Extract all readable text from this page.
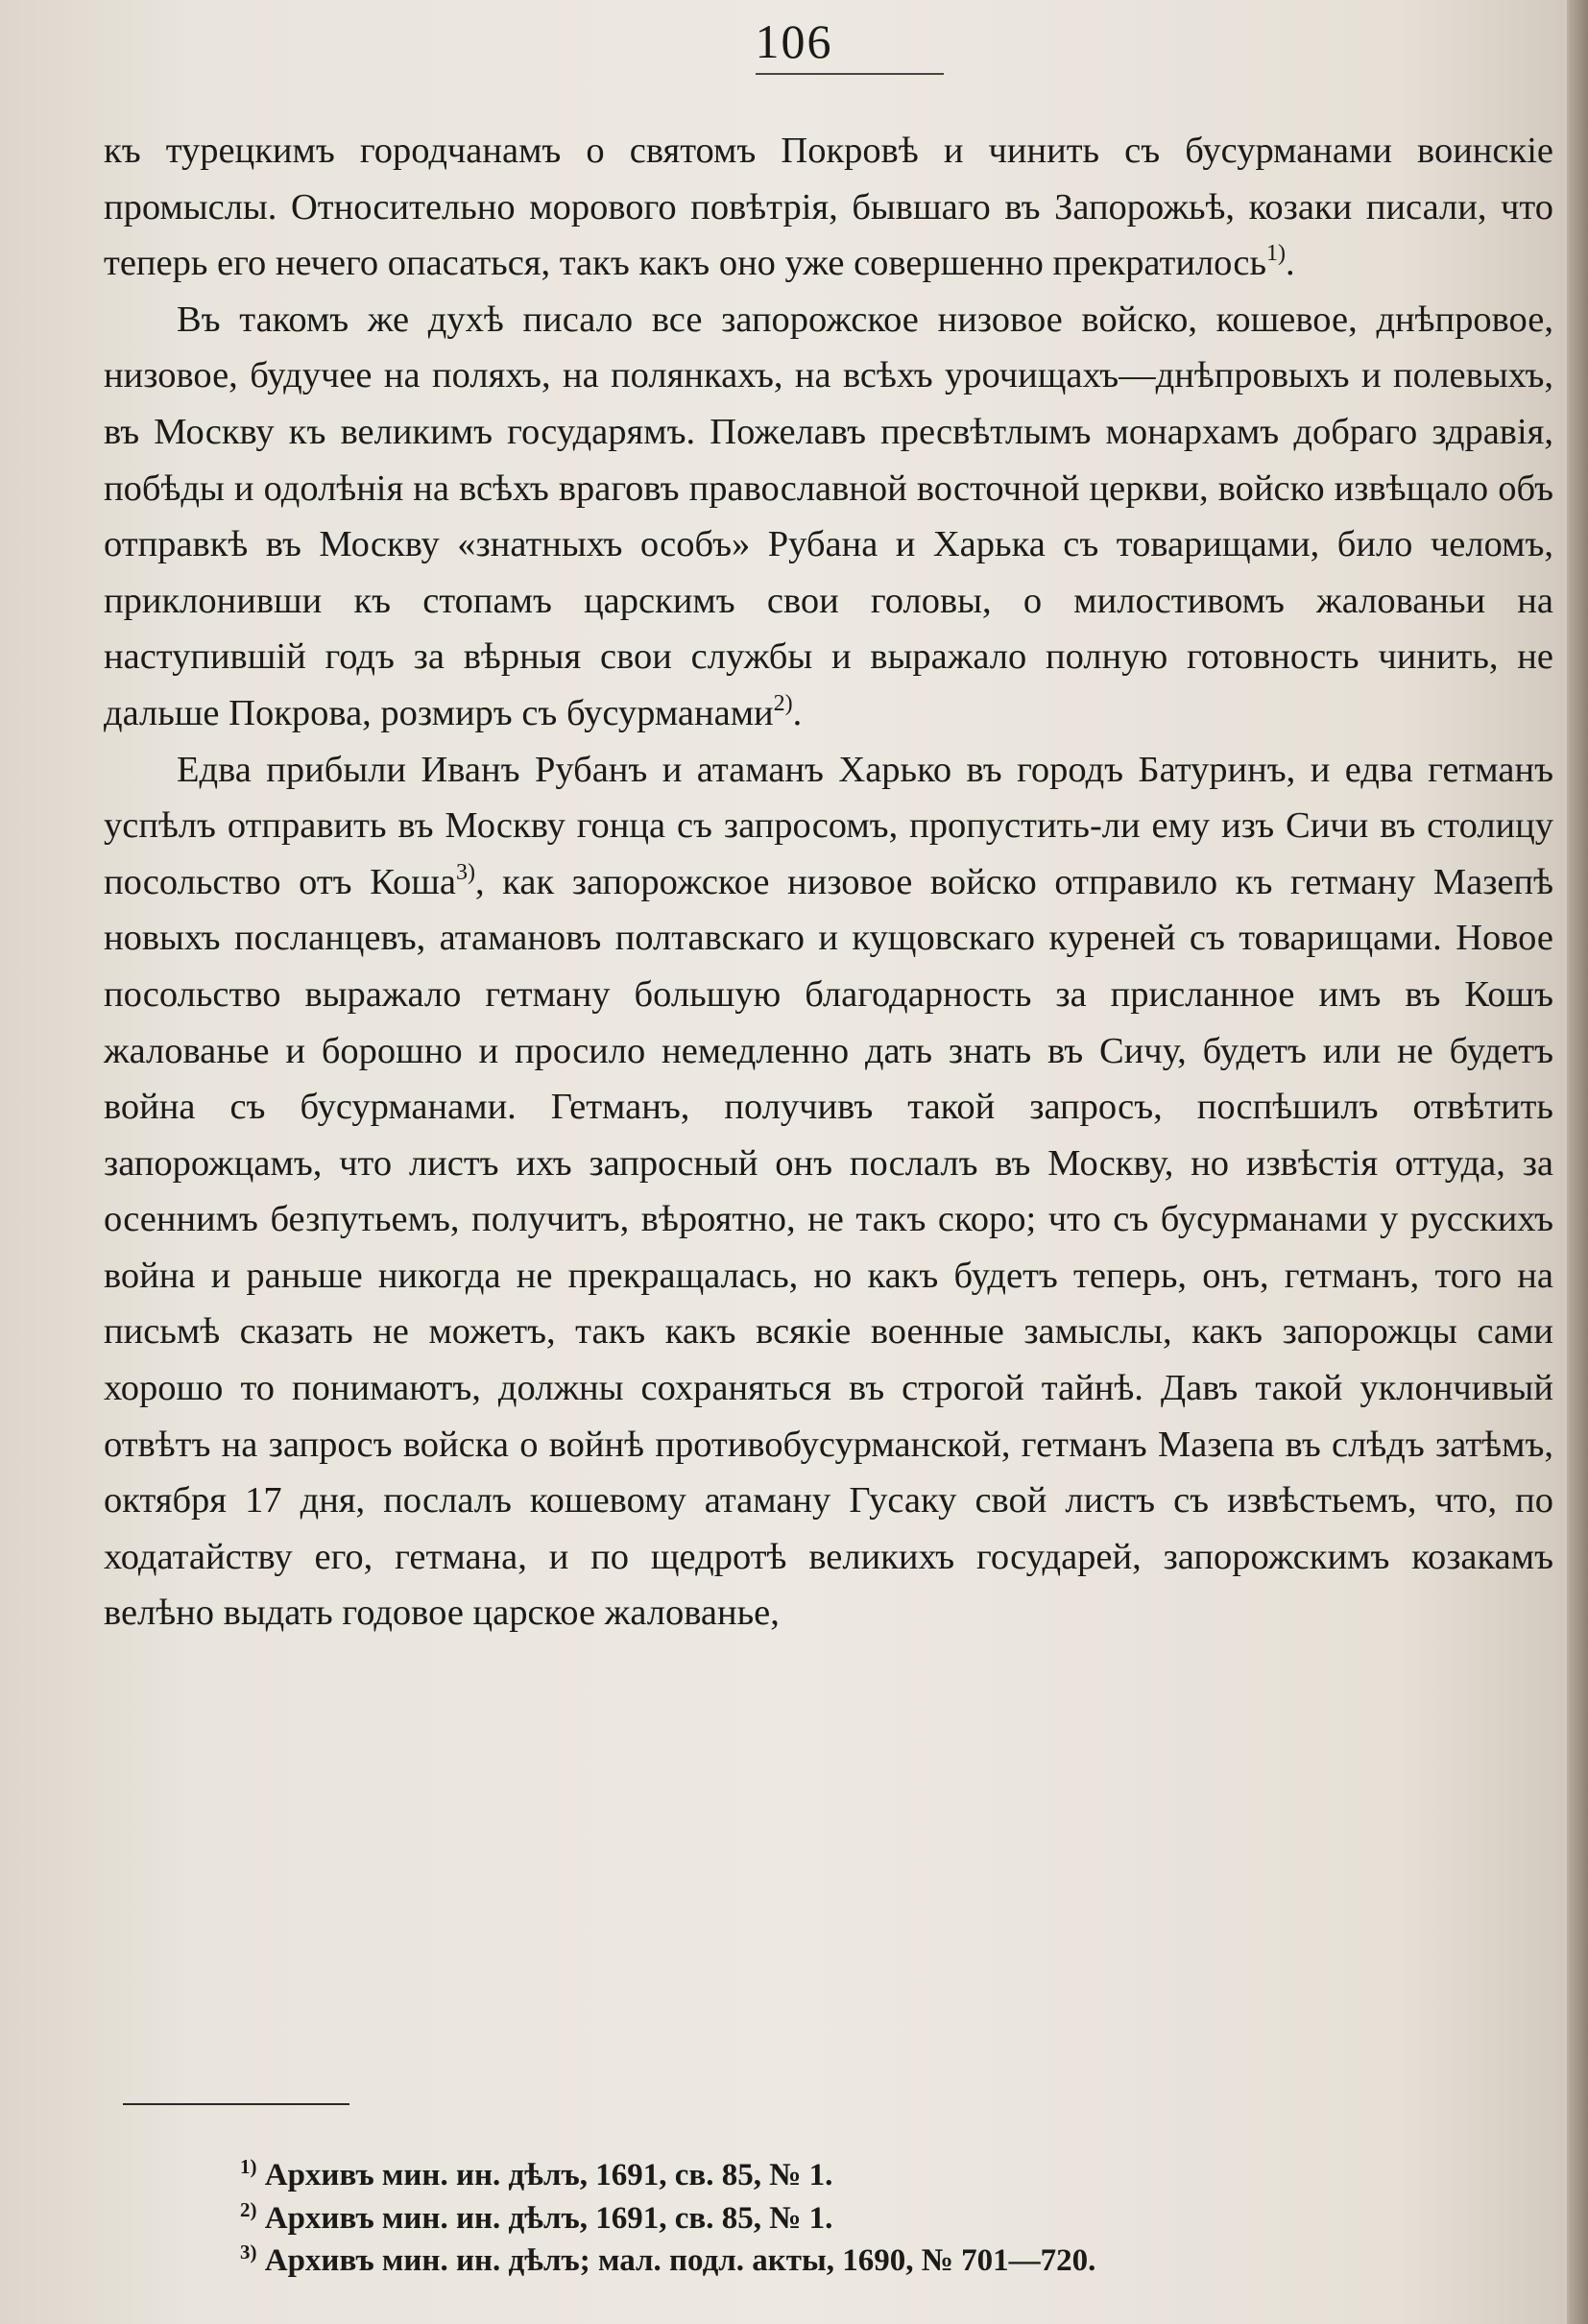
106

къ турецкимъ городчанамъ о святомъ Покровѣ и чинить съ бусурманами воинскіе промыслы. Относительно морового повѣтрія, бывшаго въ Запорожьѣ, козаки писали, что теперь его нечего опасаться, такъ какъ оно уже совершенно прекратилось$^{1)}$.

Въ такомъ же духѣ писало все запорожское низовое войско, кошевое, днѣпровое, низовое, будучее на поляхъ, на полянкахъ, на всѣхъ урочищахъ—днѣпровыхъ и полевыхъ, въ Москву къ великимъ государямъ. Пожелавъ пресвѣтлымъ монархамъ добраго здравія, побѣды и одолѣнія на всѣхъ враговъ православной восточной церкви, войско извѣщало объ отправкѣ въ Москву «знатныхъ особъ» Рубана и Харька съ товарищами, било челомъ, приклонивши къ стопамъ царскимъ свои головы, о милостивомъ жалованьи на наступившій годъ за вѣрныя свои службы и выражало полную готовность чинить, не дальше Покрова, розмиръ съ бусурманами$^{2)}$.

Едва прибыли Иванъ Рубанъ и атаманъ Харько въ городъ Батуринъ, и едва гетманъ успѣлъ отправить въ Москву гонца съ запросомъ, пропустить-ли ему изъ Сичи въ столицу посольство отъ Коша$^{3)}$, как запорожское низовое войско отправило къ гетману Мазепѣ новыхъ посланцевъ, атамановъ полтавскаго и кущовскаго куреней съ товарищами. Новое посольство выражало гетману большую благодарность за присланное имъ въ Кошъ жалованье и борошно и просило немедленно дать знать въ Сичу, будетъ или не будетъ война съ бусурманами. Гетманъ, получивъ такой запросъ, поспѣшилъ отвѣтить запорожцамъ, что листъ ихъ запросный онъ послалъ въ Москву, но извѣстія оттуда, за осеннимъ безпутьемъ, получитъ, вѣроятно, не такъ скоро; что съ бусурманами у русскихъ война и раньше никогда не прекращалась, но какъ будетъ теперь, онъ, гетманъ, того на письмѣ сказать не можетъ, такъ какъ всякіе военные замыслы, какъ запорожцы сами хорошо то понимаютъ, должны сохраняться въ строгой тайнѣ. Давъ такой уклончивый отвѣтъ на запросъ войска о войнѣ противобусурманской, гетманъ Мазепа въ слѣдъ затѣмъ, октября 17 дня, послалъ кошевому атаману Гусаку свой листъ съ извѣстьемъ, что, по ходатайству его, гетмана, и по щедротѣ великихъ государей, запорожскимъ козакамъ велѣно выдать годовое царское жалованье,

$^{1)}$ Архивъ мин. ин. дѣлъ, 1691, св. 85, № 1.
$^{2)}$ Архивъ мин. ин. дѣлъ, 1691, св. 85, № 1.
$^{3)}$ Архивъ мин. ин. дѣлъ; мал. подл. акты, 1690, № 701—720.
